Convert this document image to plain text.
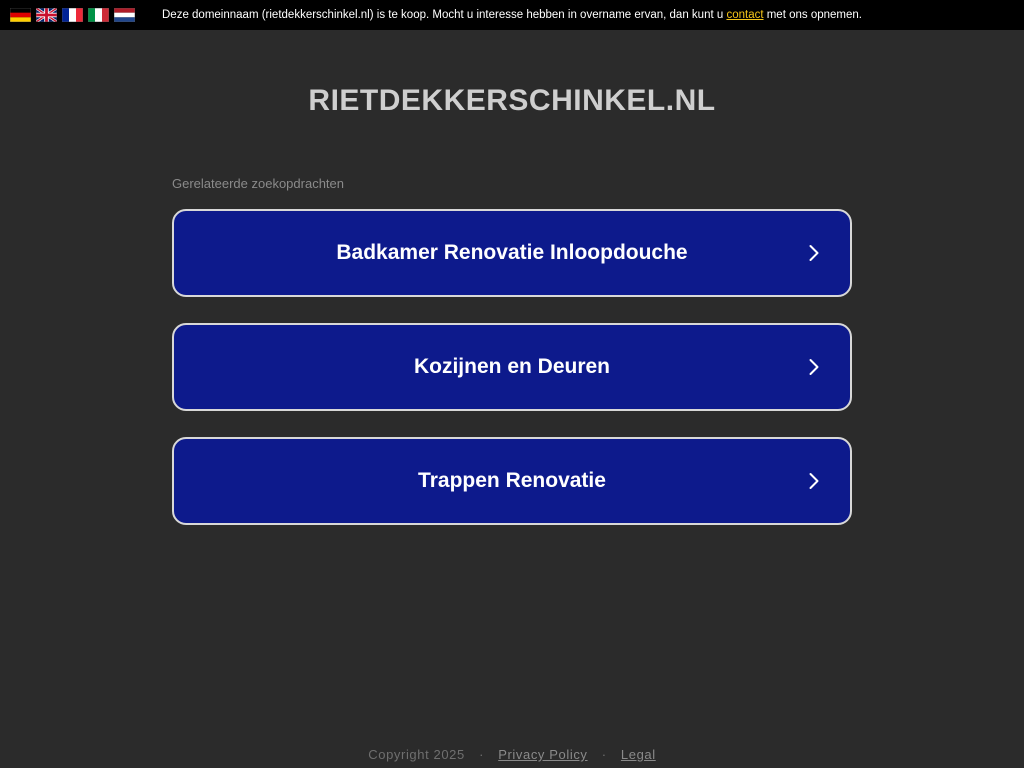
Deze domeinnaam (rietdekkerschinkel.nl) is te koop. Mocht u interesse hebben in overname ervan, dan kunt u contact met ons opnemen.
RIETDEKKERSCHINKEL.NL
Gerelateerde zoekopdrachten
Badkamer Renovatie Inloopdouche
Kozijnen en Deuren
Trappen Renovatie
Copyright 2025 · Privacy Policy · Legal
